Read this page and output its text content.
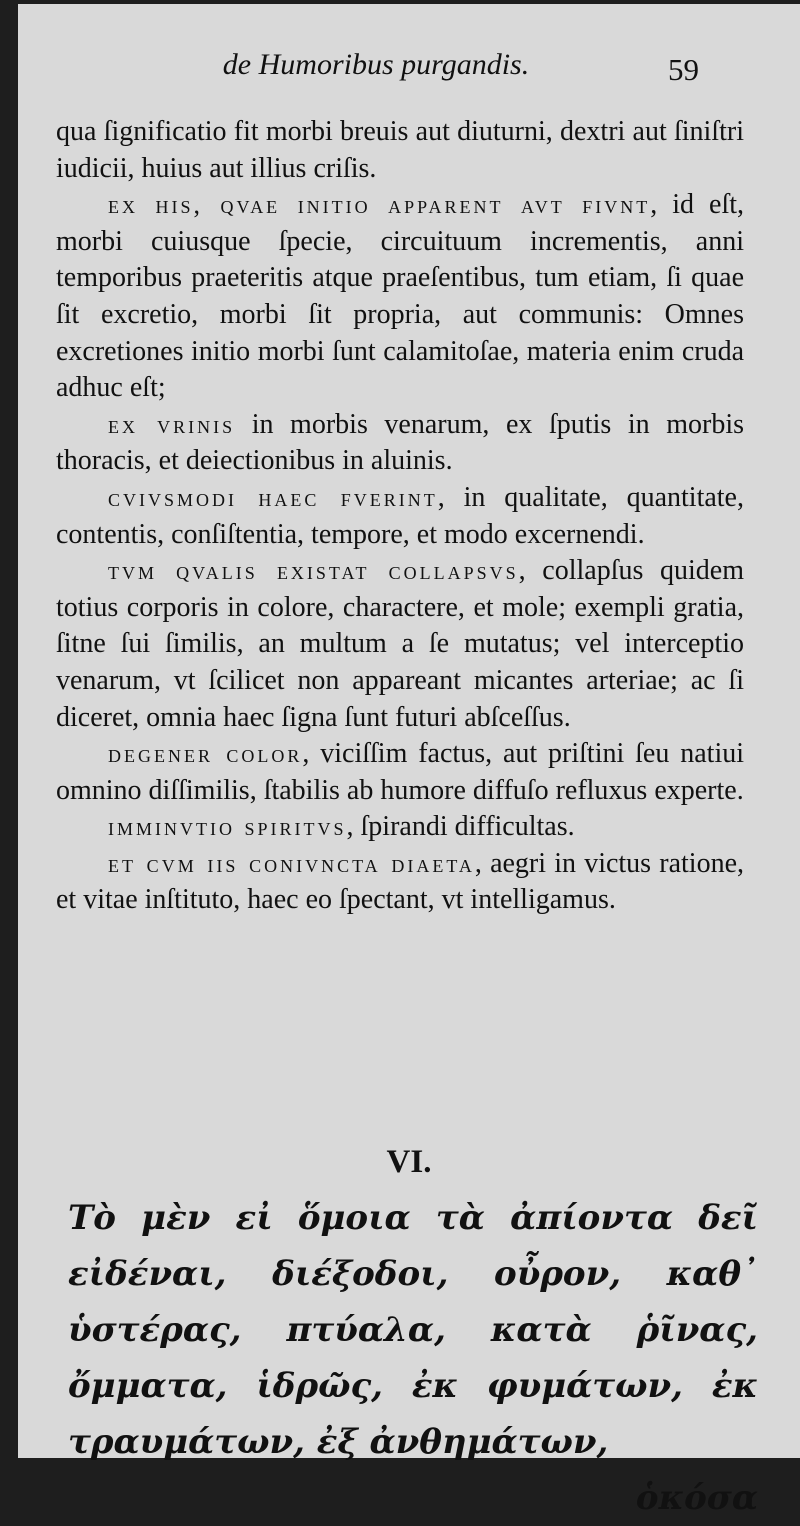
de Humoribus purgandis.	59

qua ſignificatio fit morbi breuis aut diuturni, dextri aut ſiniſtri iudicii, huius aut illius criſis.

ex his, qvae initio apparent avt fivnt, id eſt, morbi cuiusque ſpecie, circuituum incrementis, anni temporibus praeteritis atque praeſentibus, tum etiam, ſi quae ſit excretio, morbi ſit propria, aut communis: Omnes excretiones initio morbi ſunt calamitoſae, materia enim cruda adhuc eſt;

ex vrinis in morbis venarum, ex ſputis in morbis thoracis, et deiectionibus in aluinis.

cvivsmodi haec fverint, in qualitate, quantitate, contentis, conſiſtentia, tempore, et modo excernendi.

tvm qvalis existat collapsvs, collapſus quidem totius corporis in colore, charactere, et mole; exempli gratia, ſitne ſui ſimilis, an multum a ſe mutatus; vel interceptio venarum, vt ſcilicet non appareant micantes arteriae; ac ſi diceret, omnia haec ſigna ſunt futuri abſceſſus.

degener color, viciſſim factus, aut priſtini ſeu natiui omnino diſſimilis, ſtabilis ab humore diffuſo refluxus experte.

imminvtio spiritvs, ſpirandi difficultas.

et cvm iis conivncta diaeta, aegri in victus ratione, et vitae inſtituto, haec eo ſpectant, vt intelligamus.

VI.

Τὸ μὲν εἰ ὅμοια τὰ ἀπίοντα δεῖ εἰδέναι, διέξοδοι, οὖρον, καθ᾽ ὑστέρας, πτύαλα, κατὰ ῥῖνας, ὄμματα, ἱδρῶς, ἐκ φυμάτων, ἐκ τραυμάτων, ἐξ ἀνθημάτων,

ὁκόσα
